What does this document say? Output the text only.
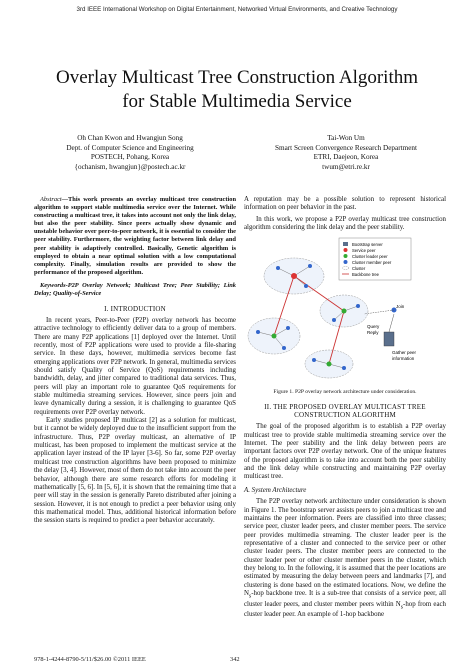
3rd IEEE International Workshop on Digital Entertainment, Networked Virtual Environments, and Creative Technology
Overlay Multicast Tree Construction Algorithm
for Stable Multimedia Service
Oh Chan Kwon and Hwangjun Song
Dept. of Computer Science and Engineering
POSTECH, Pohang, Korea
{ochanism, hwangjun}@postech.ac.kr
Tai-Won Um
Smart Screen Convergence Research Department
ETRI, Daejeon, Korea
twum@etri.re.kr

Abstract—This work presents an overlay multicast tree construction algorithm to support stable multimedia service over the Internet. While constructing a multicast tree, it takes into account not only the link delay, but also the peer stability. Since peers actually show dynamic and unstable behavior over peer-to-peer network, it is essential to consider the peer stability. Furthermore, the weighting factor between link delay and peer stability is adaptively controlled. Basically, Genetic algorithm is employed to obtain a near optimal solution with a low computational complexity. Finally, simulation results are provided to show the performance of the proposed algorithm.

Keywords-P2P Overlay Network; Multicast Tree; Peer Stability; Link Delay; Quality-of-Service

I. INTRODUCTION

In recent years, Peer-to-Peer (P2P) overlay network has become attractive technology to efficiently deliver data to a group of members. There are many P2P applications [1] deployed over the Internet. Until recently, most of P2P applications were used to provide a file-sharing service. In these days, however, multimedia services become fast emerging applications over P2P network. In general, multimedia services should satisfy Quality of Service (QoS) requirements including bandwidth, delay, and jitter compared to traditional data services. Thus, peers will play an important role to guarantee QoS requirements for stable multimedia streaming services. However, since peers join and leave dynamically during a session, it is challenging to guarantee QoS requirements over P2P overlay network.

Early studies proposed IP multicast [2] as a solution for multicast, but it cannot be widely deployed due to the insufficient support from the infrastructure. Thus, P2P overlay multicast, an alternative of IP multicast, has been proposed to implement the multicast service at the application layer instead of the IP layer [3-6]. So far, some P2P overlay multicast tree construction algorithms have been proposed to minimize the delay [3, 4]. However, most of them do not take into account the peer behavior, although there are some research efforts for modeling it mathematically [5, 6]. In [5, 6], it is shown that the remaining time that a peer will stay in the session is generally Pareto distributed after joining a session. However, it is not enough to predict a peer behavior using only this mathematical model. Thus, additional historical information before the session starts is required to predict a peer behavior accurately.

A reputation may be a possible solution to represent historical information on peer behavior in the past.

In this work, we propose a P2P overlay multicast tree construction algorithm considering the link delay and the peer stability.

Bootstrap server
Service peer
Cluster leader peer
Cluster member peer
Cluster
Backbone tree
Join
Query
Reply
Gather peer
information

Figure 1. P2P overlay network architecture under consideration.

II. THE PROPOSED OVERLAY MULTICAST TREE

CONSTRUCTION ALGORITHM

The goal of the proposed algorithm is to establish a P2P overlay multicast tree to provide stable multimedia streaming service over the Internet. The peer stability and the link delay between peers are important factors over P2P overlay network. One of the unique features of the proposed algorithm is to take into account both the peer stability and the link delay while constructing and maintaining P2P overlay multicast tree.

A. System Architecture

The P2P overlay network architecture under consideration is shown in Figure 1. The bootstrap server assists peers to join a multicast tree and maintains the peer information. Peers are classified into three classes; service peer, cluster leader peers, and cluster member peers. The service peer provides multimedia streaming. The cluster leader peer is the representative of a cluster and connected to the service peer or other cluster leader peers. The cluster member peers are connected to the cluster leader peer or other cluster member peers in the cluster, which they belong to. In the following, it is assumed that the peer locations are estimated by measuring the delay between peers and landmarks [7], and clustering is done based on the estimated locations. Now, we define the $N_s$-hop backbone tree. It is a sub-tree that consists of a service peer, all cluster leader peers, and cluster member peers within $N_s$-hop from each cluster leader peer. An example of 1-hop backbone

978-1-4244-8790-5/11/$26.00 ©2011 IEEE	342
